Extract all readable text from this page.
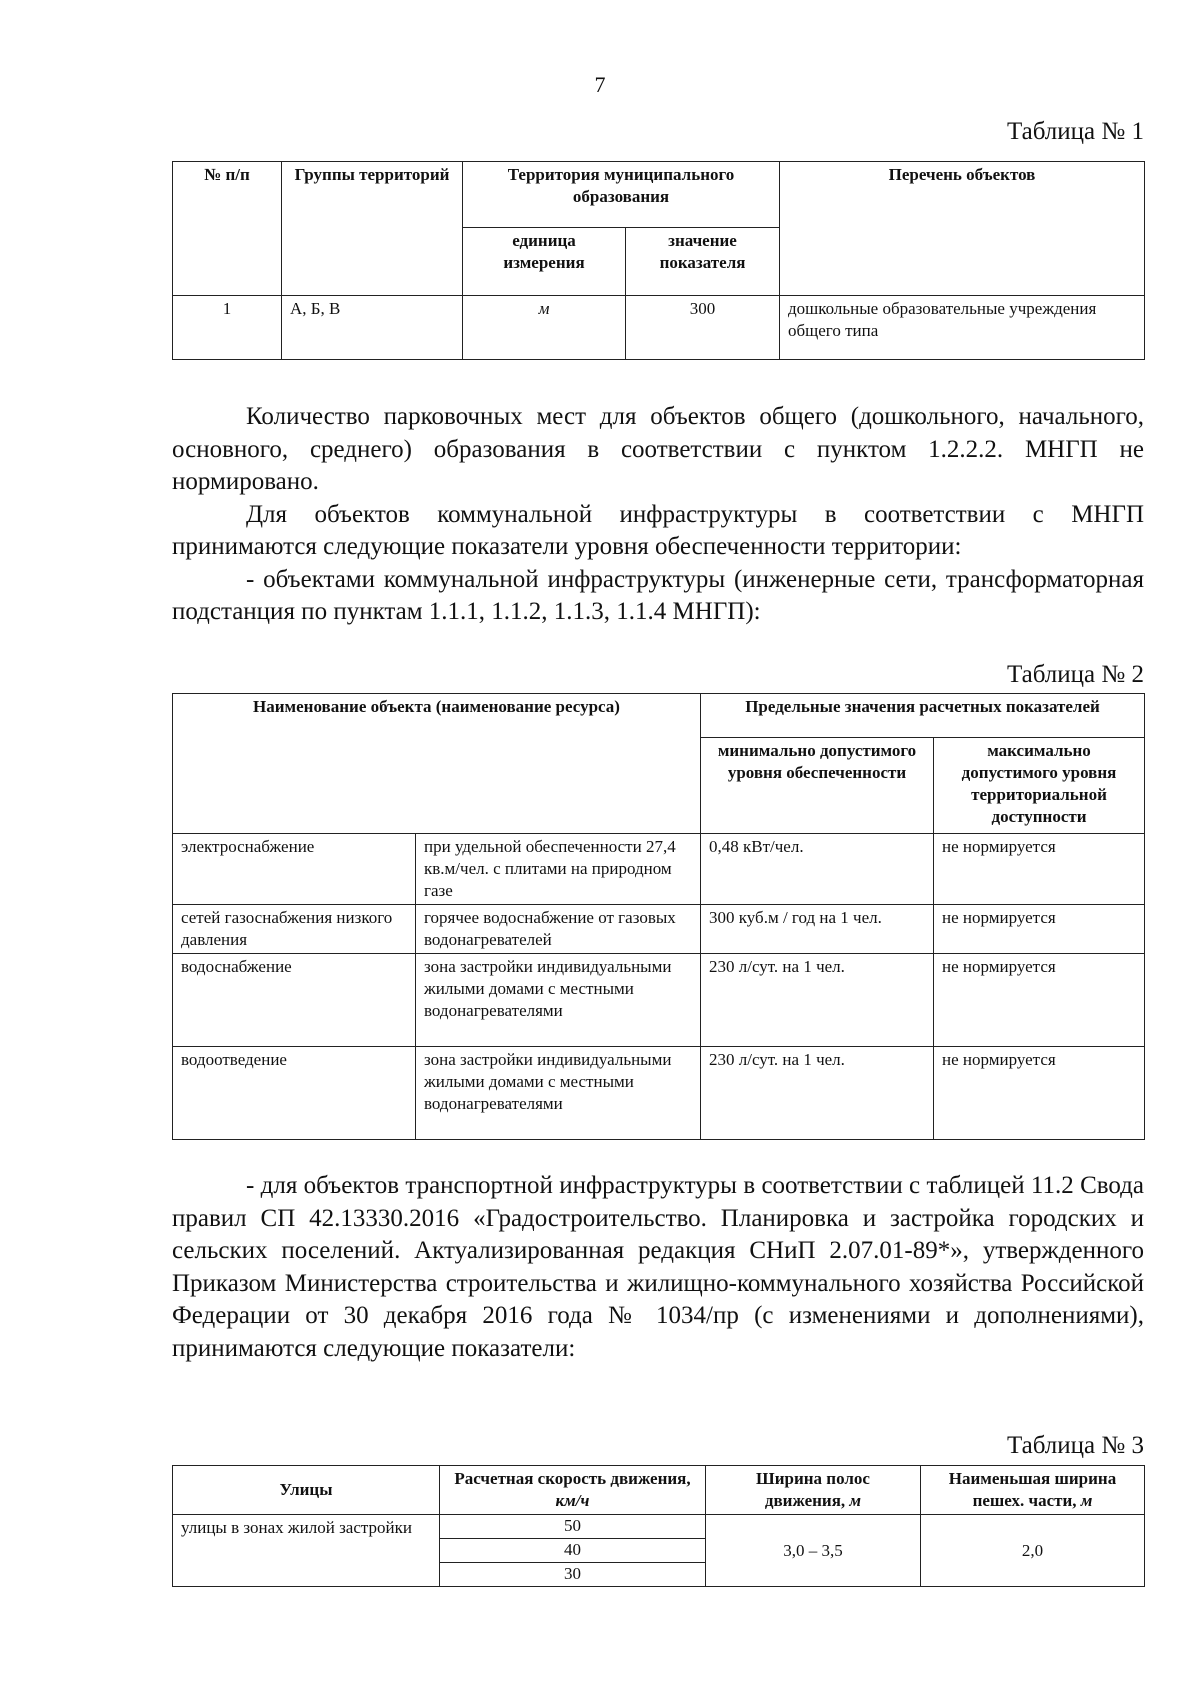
7
Таблица № 1
№ п/п	Группы территорий	Территория муниципального образования		Перечень объектов
		единица измерения	значение показателя	
1	А, Б, В	м	300	дошкольные образовательные учреждения общего типа

Количество парковочных мест для объектов общего (дошкольного, начального, основного, среднего) образования в соответствии с пунктом 1.2.2.2. МНГП не нормировано.

Для объектов коммунальной инфраструктуры в соответствии с МНГП принимаются следующие показатели уровня обеспеченности территории:

- объектами коммунальной инфраструктуры (инженерные сети, трансформаторная подстанция по пунктам 1.1.1, 1.1.2, 1.1.3, 1.1.4 МНГП):

Таблица № 2
Наименование объекта (наименование ресурса)		Предельные значения расчетных показателей	
		минимально допустимого уровня обеспеченности	максимально допустимого уровня территориальной доступности
электроснабжение	при удельной обеспеченности 27,4 кв.м/чел. с плитами на природном газе	0,48 кВт/чел.	не нормируется
сетей газоснабжения низкого давления	горячее водоснабжение от газовых водонагревателей	300 куб.м / год на 1 чел.	не нормируется
водоснабжение	зона застройки индивидуальными жилыми домами с местными водонагревателями	230 л/сут. на 1 чел.	не нормируется
водоотведение	зона застройки индивидуальными жилыми домами с местными водонагревателями	230 л/сут. на 1 чел.	не нормируется

- для объектов транспортной инфраструктуры в соответствии с таблицей 11.2 Свода правил СП 42.13330.2016 «Градостроительство. Планировка и застройка городских и сельских поселений. Актуализированная редакция СНиП 2.07.01-89*», утвержденного Приказом Министерства строительства и жилищно-коммунального хозяйства Российской Федерации от 30 декабря 2016 года № 1034/пр (с изменениями и дополнениями), принимаются следующие показатели:

Таблица № 3
Улицы	Расчетная скорость движения, км/ч	Ширина полос движения, м	Наименьшая ширина пешех. части, м
улицы в зонах жилой застройки	50	3,0 – 3,5	2,0
	40		
	30		
